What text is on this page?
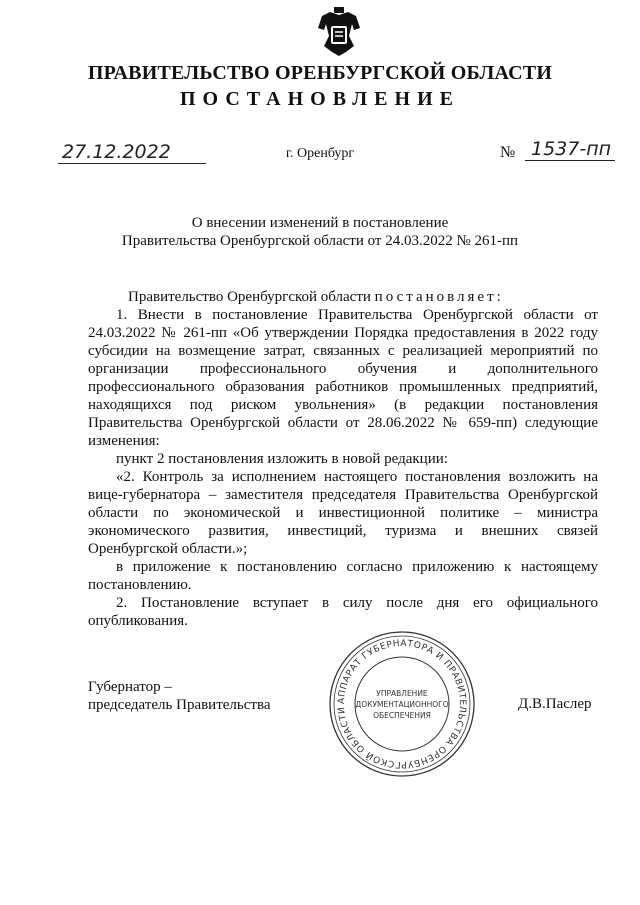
ПРАВИТЕЛЬСТВО ОРЕНБУРГСКОЙ ОБЛАСТИ
ПОСТАНОВЛЕНИЕ
27.12.2022	г. Оренбург	№ 1537-пп
О внесении изменений в постановление
Правительства Оренбургской области от 24.03.2022 № 261-пп

Правительство Оренбургской области постановляет:

1. Внести в постановление Правительства Оренбургской области от 24.03.2022 № 261-пп «Об утверждении Порядка предоставления в 2022 году субсидии на возмещение затрат, связанных с реализацией мероприятий по организации профессионального обучения и дополнительного профессионального образования работников промышленных предприятий, находящихся под риском увольнения» (в редакции постановления Правительства Оренбургской области от 28.06.2022 № 659-пп) следующие изменения:

пункт 2 постановления изложить в новой редакции:

«2. Контроль за исполнением настоящего постановления возложить на вице-губернатора – заместителя председателя Правительства Оренбургской области по экономической и инвестиционной политике – министра экономического развития, инвестиций, туризма и внешних связей Оренбургской области.»;

в приложение к постановлению согласно приложению к настоящему постановлению.

2. Постановление вступает в силу после дня его официального опубликования.

Губернатор –
председатель Правительства	Д.В.Паслер
АППАРАТ ГУБЕРНАТОРА И ПРАВИТЕЛЬСТВА ОРЕНБУРГСКОЙ ОБЛАСТИ
УПРАВЛЕНИЕ
ДОКУМЕНТАЦИОННОГО
ОБЕСПЕЧЕНИЯ
